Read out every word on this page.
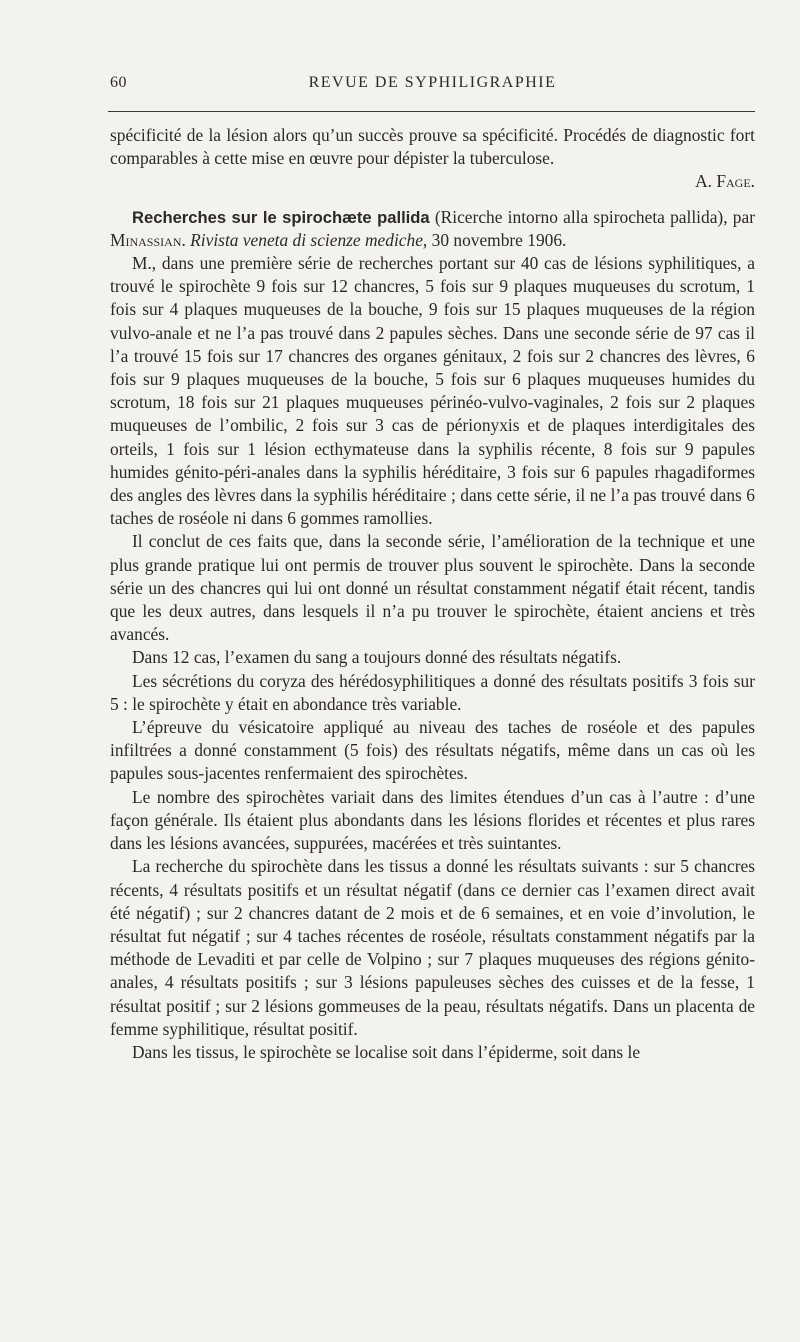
60	REVUE DE SYPHILIGRAPHIE

spécificité de la lésion alors qu’un succès prouve sa spécificité. Procédés de diagnostic fort comparables à cette mise en œuvre pour dépister la tuberculose.

A. Fage.

Recherches sur le spirochæte pallida (Ricerche intorno alla spirocheta pallida), par Minassian. Rivista veneta di scienze mediche, 30 novembre 1906.

M., dans une première série de recherches portant sur 40 cas de lésions syphilitiques, a trouvé le spirochète 9 fois sur 12 chancres, 5 fois sur 9 plaques muqueuses du scrotum, 1 fois sur 4 plaques muqueuses de la bouche, 9 fois sur 15 plaques muqueuses de la région vulvo-anale et ne l’a pas trouvé dans 2 papules sèches. Dans une seconde série de 97 cas il l’a trouvé 15 fois sur 17 chancres des organes génitaux, 2 fois sur 2 chancres des lèvres, 6 fois sur 9 plaques muqueuses de la bouche, 5 fois sur 6 plaques muqueuses humides du scrotum, 18 fois sur 21 plaques muqueuses périnéo-vulvo-vaginales, 2 fois sur 2 plaques muqueuses de l’ombilic, 2 fois sur 3 cas de périonyxis et de plaques interdigitales des orteils, 1 fois sur 1 lésion ecthymateuse dans la syphilis récente, 8 fois sur 9 papules humides génito-péri-anales dans la syphilis héréditaire, 3 fois sur 6 papules rhagadiformes des angles des lèvres dans la syphilis héréditaire ; dans cette série, il ne l’a pas trouvé dans 6 taches de roséole ni dans 6 gommes ramollies.

Il conclut de ces faits que, dans la seconde série, l’amélioration de la technique et une plus grande pratique lui ont permis de trouver plus souvent le spirochète. Dans la seconde série un des chancres qui lui ont donné un résultat constamment négatif était récent, tandis que les deux autres, dans lesquels il n’a pu trouver le spirochète, étaient anciens et très avancés.

Dans 12 cas, l’examen du sang a toujours donné des résultats négatifs.

Les sécrétions du coryza des hérédosyphilitiques a donné des résultats positifs 3 fois sur 5 : le spirochète y était en abondance très variable.

L’épreuve du vésicatoire appliqué au niveau des taches de roséole et des papules infiltrées a donné constamment (5 fois) des résultats négatifs, même dans un cas où les papules sous-jacentes renfermaient des spirochètes.

Le nombre des spirochètes variait dans des limites étendues d’un cas à l’autre : d’une façon générale. Ils étaient plus abondants dans les lésions florides et récentes et plus rares dans les lésions avancées, suppurées, macérées et très suintantes.

La recherche du spirochète dans les tissus a donné les résultats suivants : sur 5 chancres récents, 4 résultats positifs et un résultat négatif (dans ce dernier cas l’examen direct avait été négatif) ; sur 2 chancres datant de 2 mois et de 6 semaines, et en voie d’involution, le résultat fut négatif ; sur 4 taches récentes de roséole, résultats constamment négatifs par la méthode de Levaditi et par celle de Volpino ; sur 7 plaques muqueuses des régions génito-anales, 4 résultats positifs ; sur 3 lésions papuleuses sèches des cuisses et de la fesse, 1 résultat positif ; sur 2 lésions gommeuses de la peau, résultats négatifs. Dans un placenta de femme syphilitique, résultat positif.

Dans les tissus, le spirochète se localise soit dans l’épiderme, soit dans le
